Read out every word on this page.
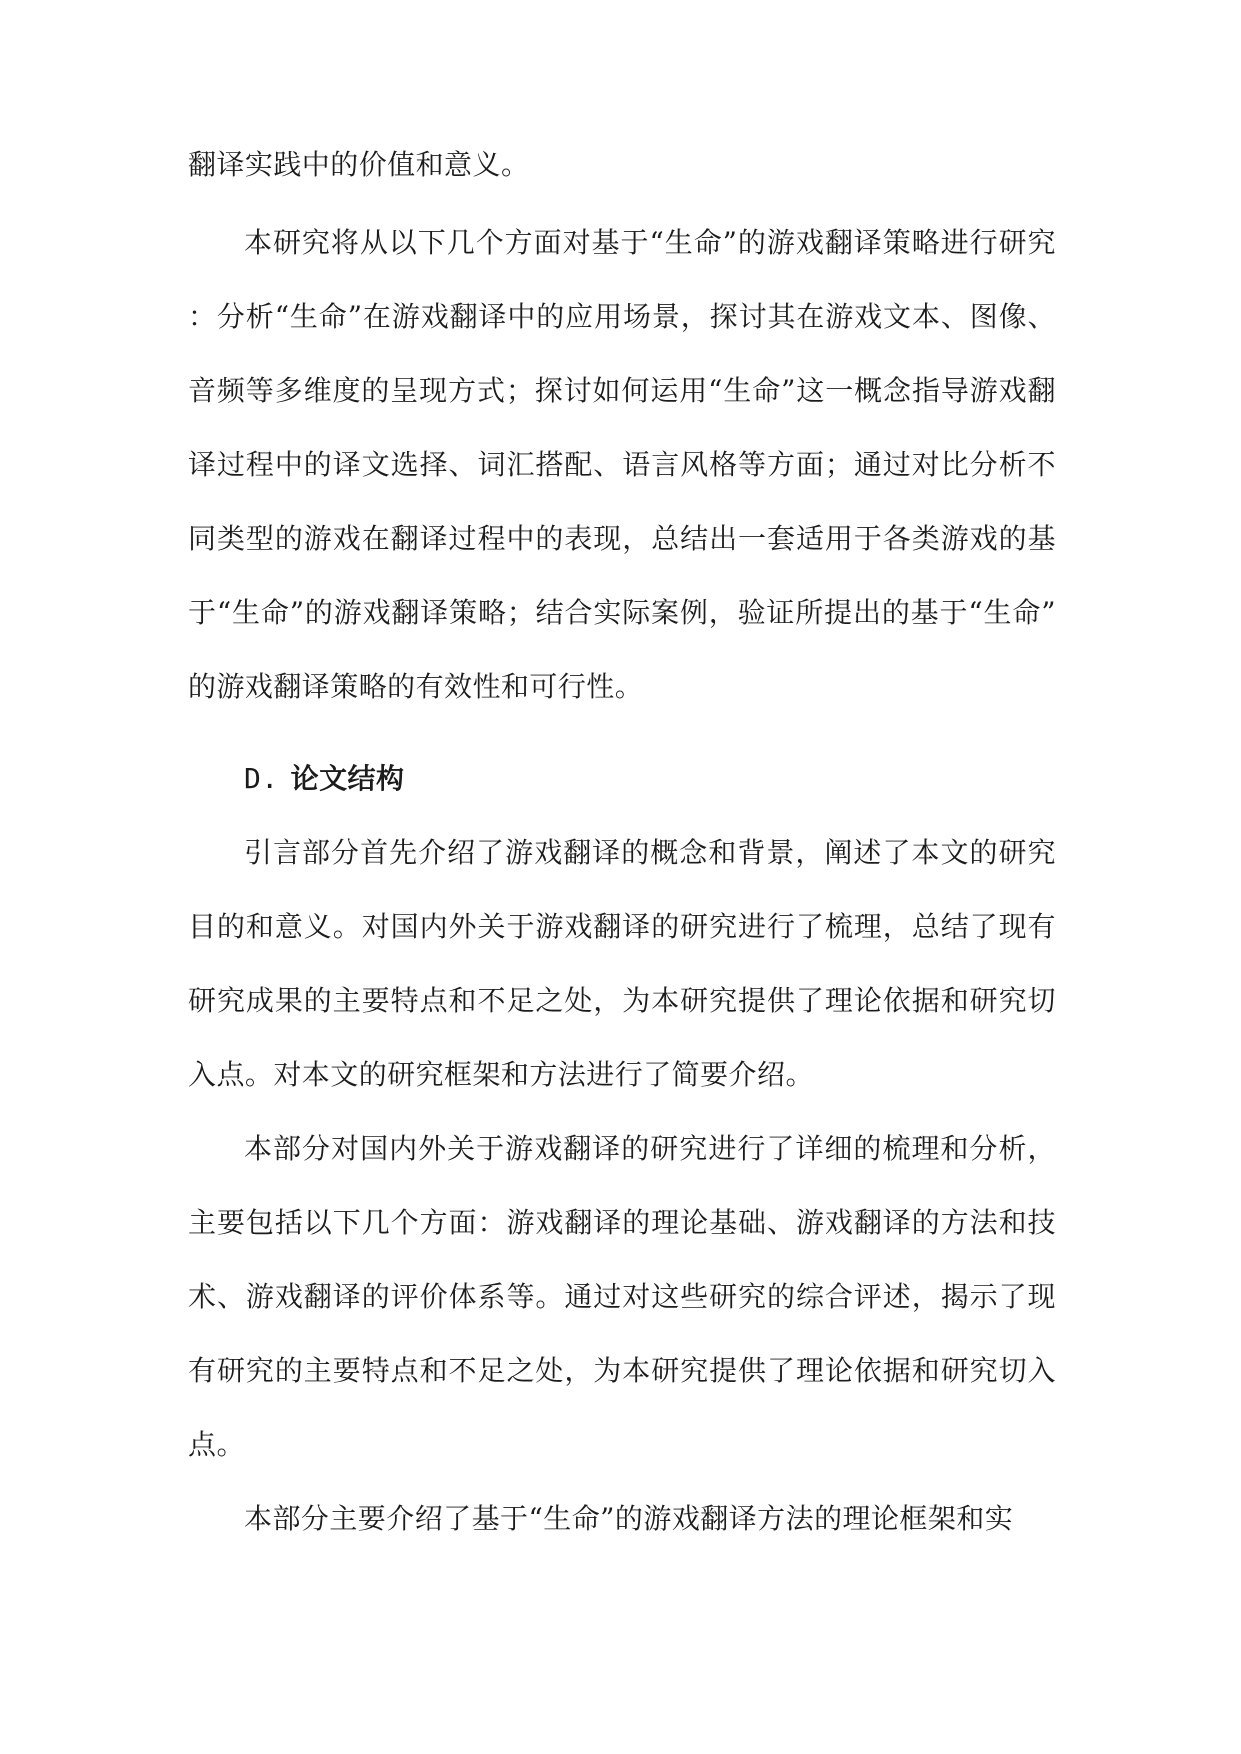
翻译实践中的价值和意义。

本研究将从以下几个方面对基于“生命”的游戏翻译策略进行研究：分析“生命”在游戏翻译中的应用场景，探讨其在游戏文本、图像、音频等多维度的呈现方式；探讨如何运用“生命”这一概念指导游戏翻译过程中的译文选择、词汇搭配、语言风格等方面；通过对比分析不同类型的游戏在翻译过程中的表现，总结出一套适用于各类游戏的基于“生命”的游戏翻译策略；结合实际案例，验证所提出的基于“生命”的游戏翻译策略的有效性和可行性。

D. 论文结构

引言部分首先介绍了游戏翻译的概念和背景，阐述了本文的研究目的和意义。对国内外关于游戏翻译的研究进行了梳理，总结了现有研究成果的主要特点和不足之处，为本研究提供了理论依据和研究切入点。对本文的研究框架和方法进行了简要介绍。

本部分对国内外关于游戏翻译的研究进行了详细的梳理和分析，主要包括以下几个方面：游戏翻译的理论基础、游戏翻译的方法和技术、游戏翻译的评价体系等。通过对这些研究的综合评述，揭示了现有研究的主要特点和不足之处，为本研究提供了理论依据和研究切入点。

本部分主要介绍了基于“生命”的游戏翻译方法的理论框架和实
